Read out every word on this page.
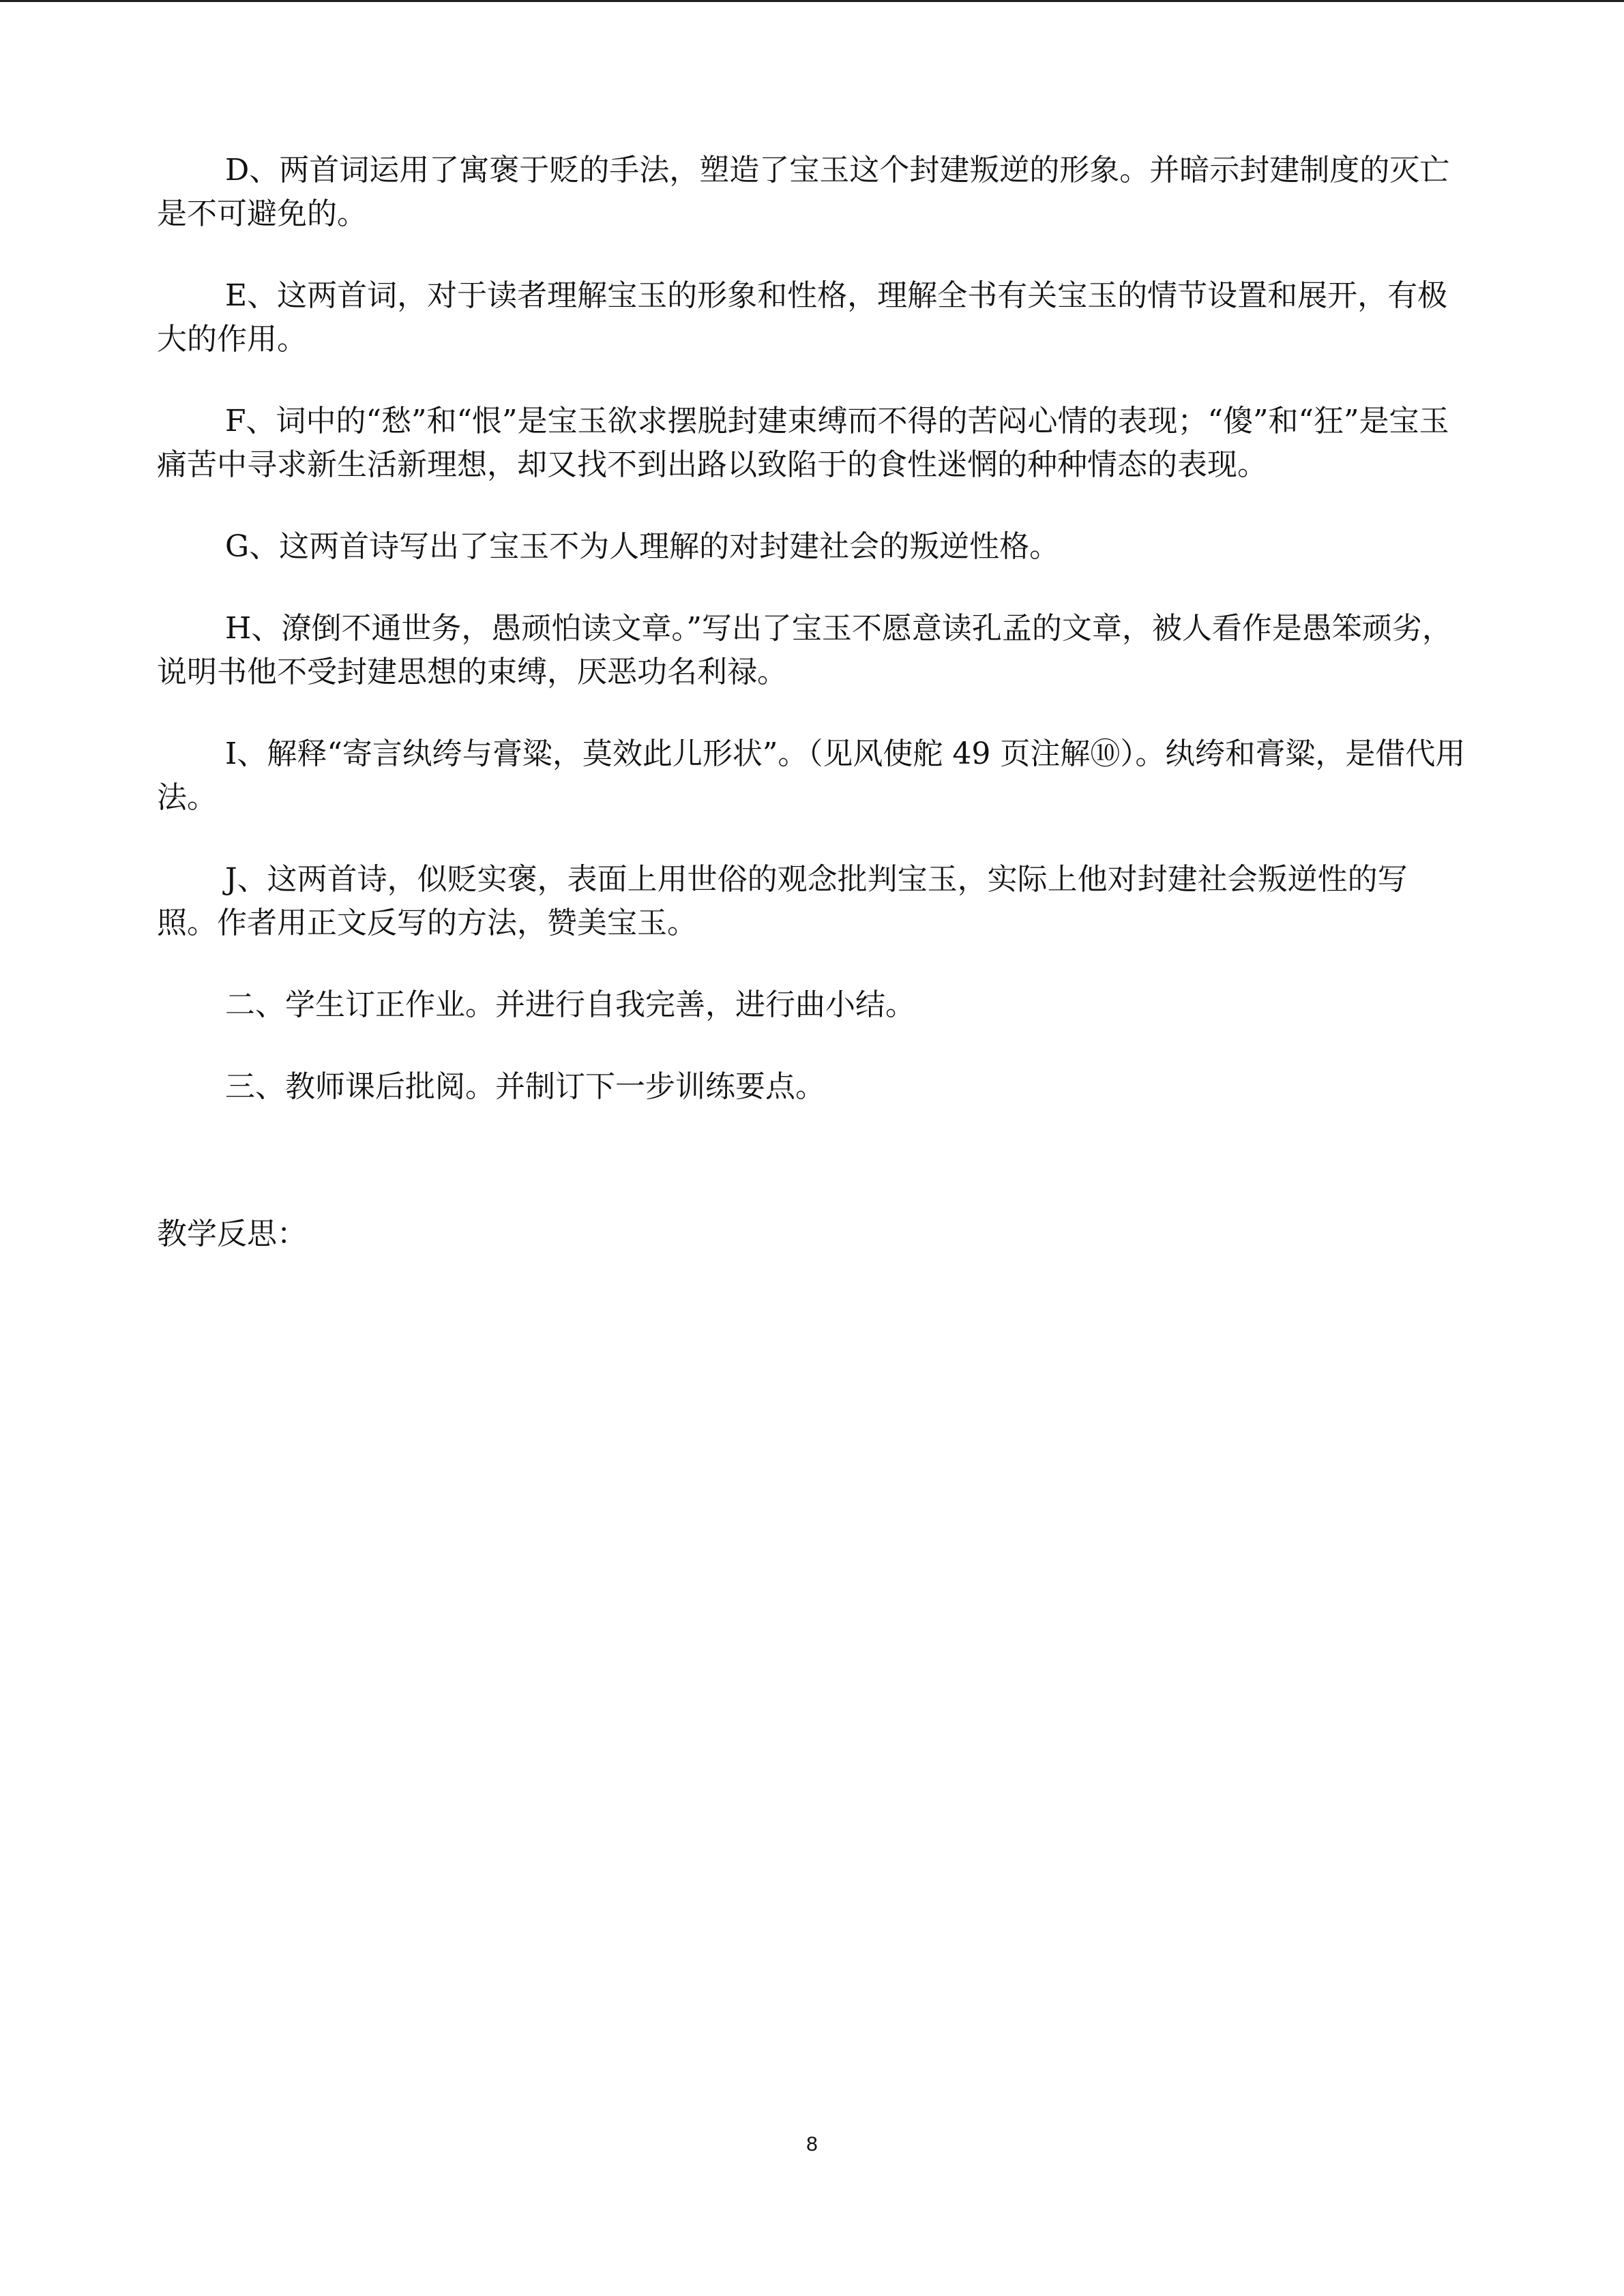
D、两首词运用了寓褒于贬的手法，塑造了宝玉这个封建叛逆的形象。并暗示封建制度的灭亡是不可避免的。

E、这两首词，对于读者理解宝玉的形象和性格，理解全书有关宝玉的情节设置和展开，有极大的作用。

F、词中的“愁”和“恨”是宝玉欲求摆脱封建束缚而不得的苦闷心情的表现；“傻”和“狂”是宝玉痛苦中寻求新生活新理想，却又找不到出路以致陷于的食性迷惘的种种情态的表现。

G、这两首诗写出了宝玉不为人理解的对封建社会的叛逆性格。

H、潦倒不通世务，愚顽怕读文章。”写出了宝玉不愿意读孔孟的文章，被人看作是愚笨顽劣，说明书他不受封建思想的束缚，厌恶功名利禄。

I、解释“寄言纨绔与膏粱，莫效此儿形状”。（见风使舵 49 页注解⑩）。纨绔和膏粱，是借代用法。

J、这两首诗，似贬实褒，表面上用世俗的观念批判宝玉，实际上他对封建社会叛逆性的写照。作者用正文反写的方法，赞美宝玉。

二、学生订正作业。并进行自我完善，进行曲小结。

三、教师课后批阅。并制订下一步训练要点。

教学反思：

8
